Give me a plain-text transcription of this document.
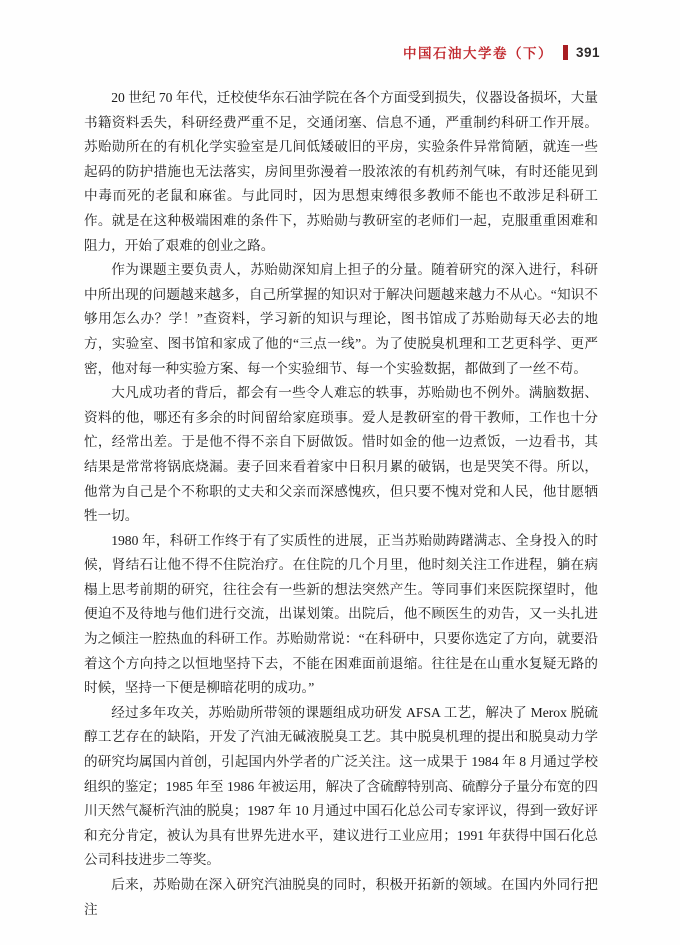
中国石油大学卷（下） 391

20 世纪 70 年代，迁校使华东石油学院在各个方面受到损失，仪器设备损坏，大量书籍资料丢失，科研经费严重不足，交通闭塞、信息不通，严重制约科研工作开展。苏贻勋所在的有机化学实验室是几间低矮破旧的平房，实验条件异常简陋，就连一些起码的防护措施也无法落实，房间里弥漫着一股浓浓的有机药剂气味，有时还能见到中毒而死的老鼠和麻雀。与此同时，因为思想束缚很多教师不能也不敢涉足科研工作。就是在这种极端困难的条件下，苏贻勋与教研室的老师们一起，克服重重困难和阻力，开始了艰难的创业之路。

作为课题主要负责人，苏贻勋深知肩上担子的分量。随着研究的深入进行，科研中所出现的问题越来越多，自己所掌握的知识对于解决问题越来越力不从心。“知识不够用怎么办？学！”查资料，学习新的知识与理论，图书馆成了苏贻勋每天必去的地方，实验室、图书馆和家成了他的“三点一线”。为了使脱臭机理和工艺更科学、更严密，他对每一种实验方案、每一个实验细节、每一个实验数据，都做到了一丝不苟。

大凡成功者的背后，都会有一些令人难忘的轶事，苏贻勋也不例外。满脑数据、资料的他，哪还有多余的时间留给家庭琐事。爱人是教研室的骨干教师，工作也十分忙，经常出差。于是他不得不亲自下厨做饭。惜时如金的他一边煮饭，一边看书，其结果是常常将锅底烧漏。妻子回来看着家中日积月累的破锅，也是哭笑不得。所以，他常为自己是个不称职的丈夫和父亲而深感愧疚，但只要不愧对党和人民，他甘愿牺牲一切。

1980 年，科研工作终于有了实质性的进展，正当苏贻勋踌躇满志、全身投入的时候，肾结石让他不得不住院治疗。在住院的几个月里，他时刻关注工作进程，躺在病榻上思考前期的研究，往往会有一些新的想法突然产生。等同事们来医院探望时，他便迫不及待地与他们进行交流，出谋划策。出院后，他不顾医生的劝告，又一头扎进为之倾注一腔热血的科研工作。苏贻勋常说：“在科研中，只要你选定了方向，就要沿着这个方向持之以恒地坚持下去，不能在困难面前退缩。往往是在山重水复疑无路的时候，坚持一下便是柳暗花明的成功。”

经过多年攻关，苏贻勋所带领的课题组成功研发 AFSA 工艺，解决了 Merox 脱硫醇工艺存在的缺陷，开发了汽油无碱液脱臭工艺。其中脱臭机理的提出和脱臭动力学的研究均属国内首创，引起国内外学者的广泛关注。这一成果于 1984 年 8 月通过学校组织的鉴定；1985 年至 1986 年被运用，解决了含硫醇特别高、硫醇分子量分布宽的四川天然气凝析汽油的脱臭；1987 年 10 月通过中国石化总公司专家评议，得到一致好评和充分肯定，被认为具有世界先进水平，建议进行工业应用；1991 年获得中国石化总公司科技进步二等奖。

后来，苏贻勋在深入研究汽油脱臭的同时，积极开拓新的领域。在国内外同行把注
